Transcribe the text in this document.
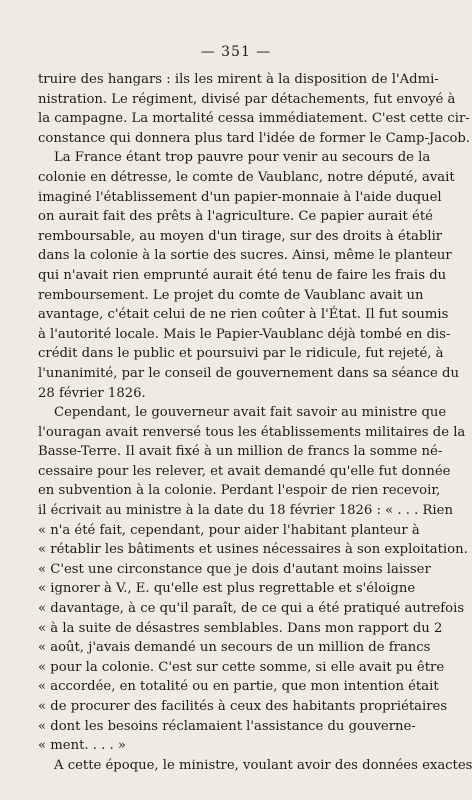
— 351 —
truire des hangars : ils les mirent à la disposition de l'Admi-
nistration. Le régiment, divisé par détachements, fut envoyé à
la campagne. La mortalité cessa immédiatement. C'est cette cir-
constance qui donnera plus tard l'idée de former le Camp-Jacob.
La France étant trop pauvre pour venir au secours de la
colonie en détresse, le comte de Vaublanc, notre député, avait
imaginé l'établissement d'un papier-monnaie à l'aide duquel
on aurait fait des prêts à l'agriculture. Ce papier aurait été
remboursable, au moyen d'un tirage, sur des droits à établir
dans la colonie à la sortie des sucres. Ainsi, même le planteur
qui n'avait rien emprunté aurait été tenu de faire les frais du
remboursement. Le projet du comte de Vaublanc avait un
avantage, c'était celui de ne rien coûter à l'État. Il fut soumis
à l'autorité locale. Mais le Papier-Vaublanc déjà tombé en dis-
crédit dans le public et poursuivi par le ridicule, fut rejeté, à
l'unanimité, par le conseil de gouvernement dans sa séance du
28 février 1826.
Cependant, le gouverneur avait fait savoir au ministre que
l'ouragan avait renversé tous les établissements militaires de la
Basse-Terre. Il avait fixé à un million de francs la somme né-
cessaire pour les relever, et avait demandé qu'elle fut donnée
en subvention à la colonie. Perdant l'espoir de rien recevoir,
il écrivait au ministre à la date du 18 février 1826 : « . . . Rien
« n'a été fait, cependant, pour aider l'habitant planteur à
« rétablir les bâtiments et usines nécessaires à son exploitation.
« C'est une circonstance que je dois d'autant moins laisser
« ignorer à V., E. qu'elle est plus regrettable et s'éloigne
« davantage, à ce qu'il paraît, de ce qui a été pratiqué autrefois
« à la suite de désastres semblables. Dans mon rapport du 2
« août, j'avais demandé un secours de un million de francs
« pour la colonie. C'est sur cette somme, si elle avait pu être
« accordée, en totalité ou en partie, que mon intention était
« de procurer des facilités à ceux des habitants propriétaires
« dont les besoins réclamaient l'assistance du gouverne-
« ment. . . . »
A cette époque, le ministre, voulant avoir des données exactes
